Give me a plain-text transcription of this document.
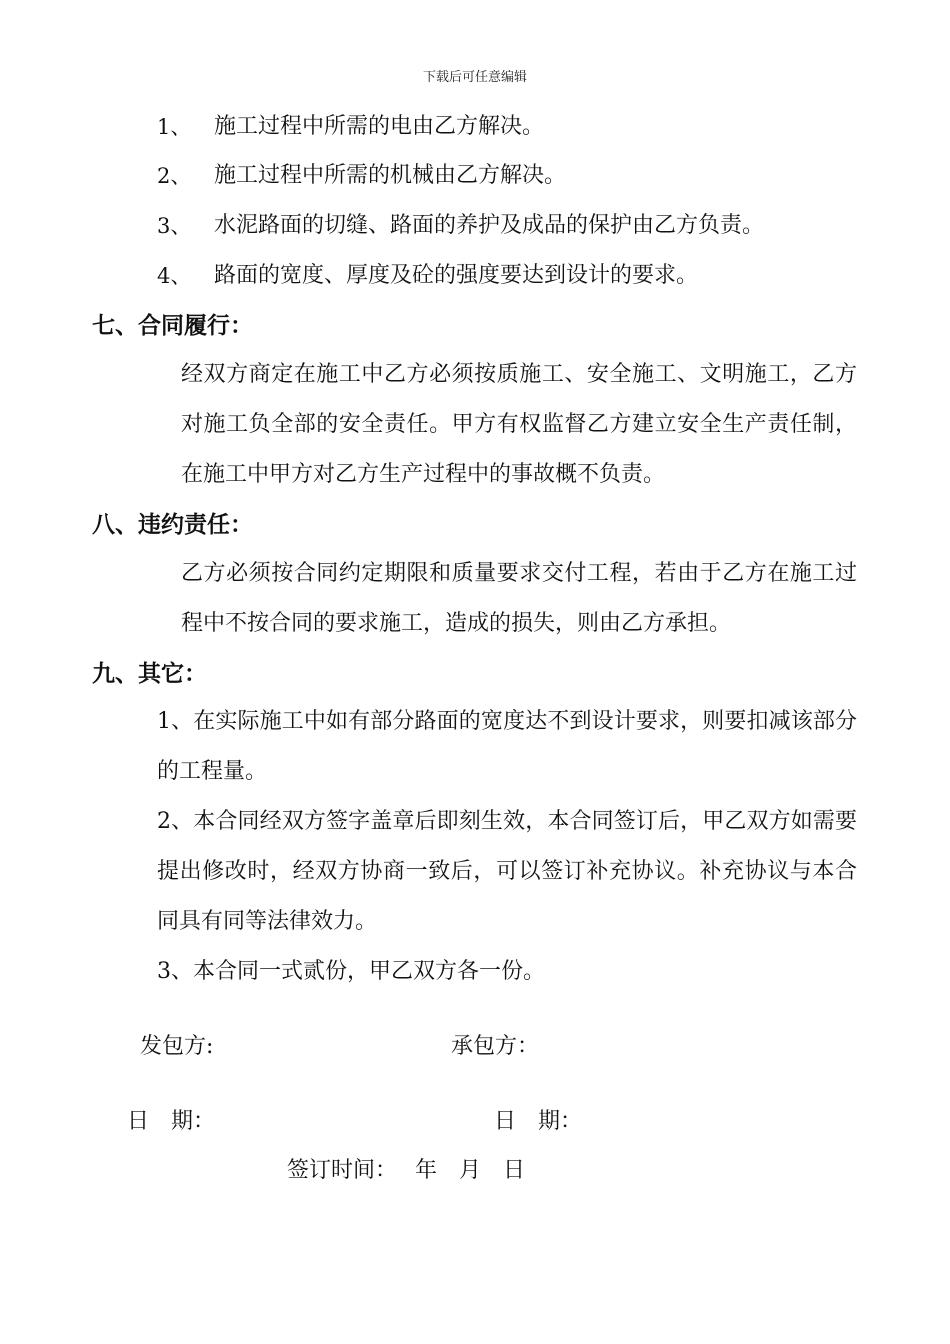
下载后可任意编辑
1、 施工过程中所需的电由乙方解决。
2、 施工过程中所需的机械由乙方解决。
3、 水泥路面的切缝、路面的养护及成品的保护由乙方负责。
4、 路面的宽度、厚度及砼的强度要达到设计的要求。
七、合同履行：
经双方商定在施工中乙方必须按质施工、安全施工、文明施工，乙方
对施工负全部的安全责任。甲方有权监督乙方建立安全生产责任制，
在施工中甲方对乙方生产过程中的事故概不负责。
八、违约责任：
乙方必须按合同约定期限和质量要求交付工程，若由于乙方在施工过
程中不按合同的要求施工，造成的损失，则由乙方承担。
九、其它：
1、在实际施工中如有部分路面的宽度达不到设计要求，则要扣减该部分
的工程量。
2、本合同经双方签字盖章后即刻生效，本合同签订后，甲乙双方如需要
提出修改时，经双方协商一致后，可以签订补充协议。补充协议与本合
同具有同等法律效力。
3、本合同一式贰份，甲乙双方各一份。
发包方:	承包方：
日　期：	日　期：
签订时间：　 年　月　日
